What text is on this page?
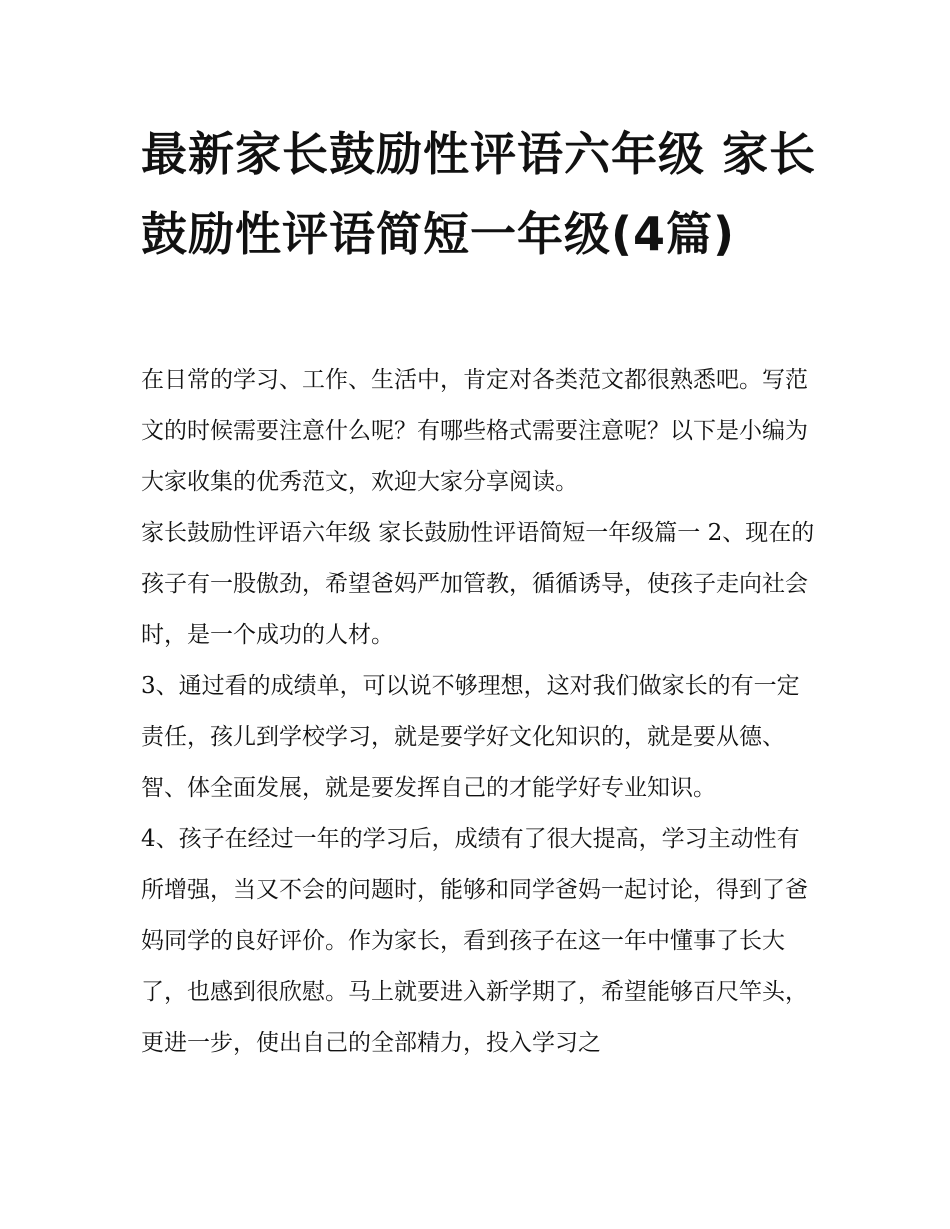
最新家长鼓励性评语六年级 家长鼓励性评语简短一年级(4篇)

在日常的学习、工作、生活中，肯定对各类范文都很熟悉吧。写范文的时候需要注意什么呢？有哪些格式需要注意呢？以下是小编为大家收集的优秀范文，欢迎大家分享阅读。

家长鼓励性评语六年级 家长鼓励性评语简短一年级篇一 2、现在的孩子有一股傲劲，希望爸妈严加管教，循循诱导，使孩子走向社会时，是一个成功的人材。

3、通过看的成绩单，可以说不够理想，这对我们做家长的有一定责任，孩儿到学校学习，就是要学好文化知识的，就是要从德、智、体全面发展，就是要发挥自己的才能学好专业知识。

4、孩子在经过一年的学习后，成绩有了很大提高，学习主动性有所增强，当又不会的问题时，能够和同学爸妈一起讨论，得到了爸妈同学的良好评价。作为家长，看到孩子在这一年中懂事了长大了，也感到很欣慰。马上就要进入新学期了，希望能够百尺竿头，更进一步，使出自己的全部精力，投入学习之
